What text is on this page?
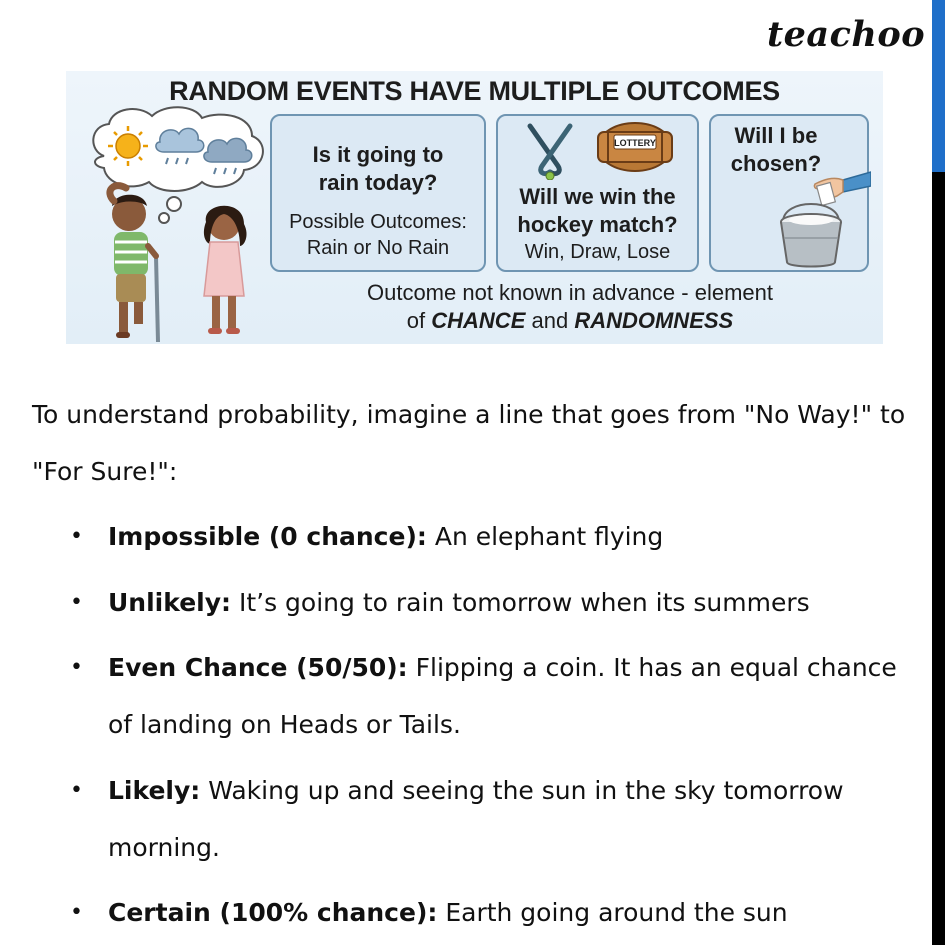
teachoo
RANDOM EVENTS HAVE MULTIPLE OUTCOMES
Is it going to
rain today?
Possible Outcomes:
Rain or No Rain
LOTTERY
Will we win the
hockey match?
Win, Draw, Lose
Will I be
chosen?
Outcome not known in advance - element
of CHANCE and RANDOMNESS

To understand probability, imagine a line that goes from "No Way!" to "For Sure!":

• Impossible (0 chance): An elephant flying
• Unlikely: It’s going to rain tomorrow when its summers
• Even Chance (50/50): Flipping a coin. It has an equal chance of landing on Heads or Tails.
• Likely: Waking up and seeing the sun in the sky tomorrow morning.
• Certain (100% chance): Earth going around the sun
